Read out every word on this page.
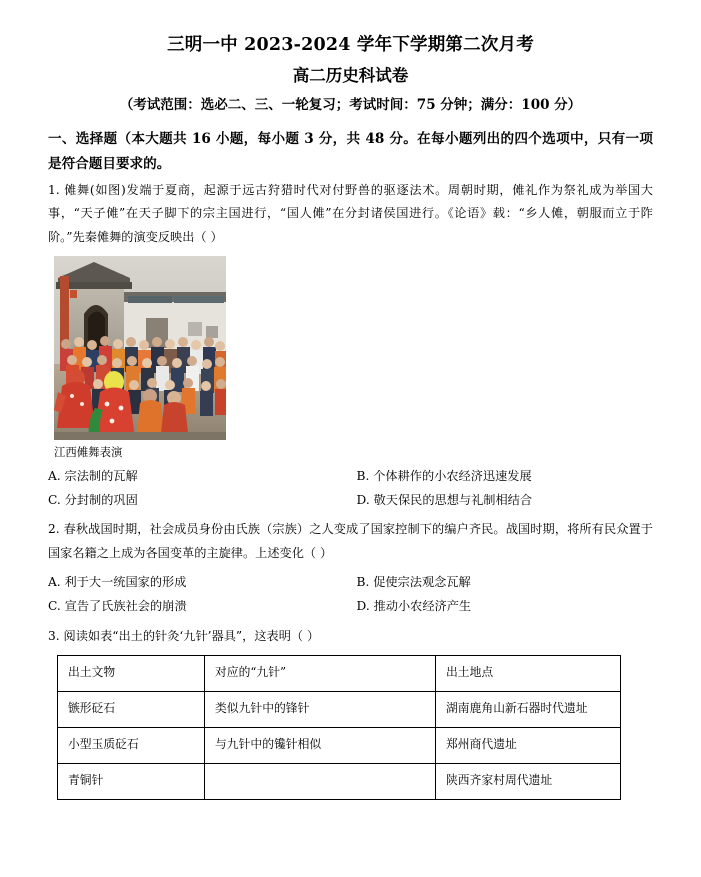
三明一中 2023-2024 学年下学期第二次月考
高二历史科试卷
（考试范围：选必二、三、一轮复习；考试时间：75 分钟；满分：100 分）
一、选择题（本大题共 16 小题，每小题 3 分，共 48 分。在每小题列出的四个选项中，只有一项是符合题目要求的。

1. 傩舞(如图)发端于夏商，起源于远古狩猎时代对付野兽的驱逐法术。周朝时期，傩礼作为祭礼成为举国大事，“天子傩”在天子脚下的宗主国进行，“国人傩”在分封诸侯国进行。《论语》载：“乡人傩，朝服而立于阼阶。”先秦傩舞的演变反映出（ ）

江西傩舞表演
A. 宗法制的瓦解	B. 个体耕作的小农经济迅速发展
C. 分封制的巩固	D. 敬天保民的思想与礼制相结合

2. 春秋战国时期，社会成员身份由氏族（宗族）之人变成了国家控制下的编户齐民。战国时期，将所有民众置于国家名籍之上成为各国变革的主旋律。上述变化（ ）

A. 利于大一统国家的形成	B. 促使宗法观念瓦解
C. 宣告了氏族社会的崩溃	D. 推动小农经济产生

3. 阅读如表“出土的针灸‘九针’器具”，这表明（ ）

出土文物	对应的“九针”	出土地点
镞形砭石	类似九针中的锋针	湖南鹿角山新石器时代遗址
小型玉质砭石	与九针中的镵针相似	郑州商代遗址
青铜针		陕西齐家村周代遗址
